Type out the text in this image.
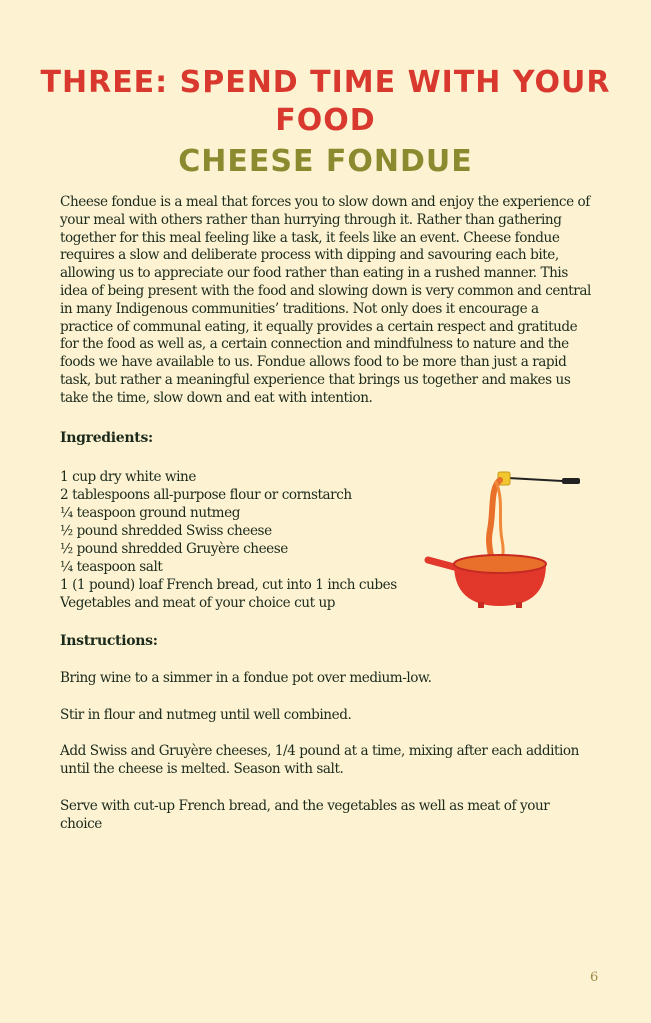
THREE: SPEND TIME WITH YOUR FOOD
CHEESE FONDUE

Cheese fondue is a meal that forces you to slow down and enjoy the experience of your meal with others rather than hurrying through it. Rather than gathering together for this meal feeling like a task, it feels like an event. Cheese fondue requires a slow and deliberate process with dipping and savouring each bite, allowing us to appreciate our food rather than eating in a rushed manner. This idea of being present with the food and slowing down is very common and central in many Indigenous communities’ traditions. Not only does it encourage a practice of communal eating, it equally provides a certain respect and gratitude for the food as well as, a certain connection and mindfulness to nature and the foods we have available to us. Fondue allows food to be more than just a rapid task, but rather a meaningful experience that brings us together and makes us take the time, slow down and eat with intention.

Ingredients:
1 cup dry white wine
2 tablespoons all-purpose flour or cornstarch
¼ teaspoon ground nutmeg
½ pound shredded Swiss cheese
½ pound shredded Gruyère cheese
¼ teaspoon salt
1 (1 pound) loaf French bread, cut into 1 inch cubes
Vegetables and meat of your choice cut up
Instructions:

Bring wine to a simmer in a fondue pot over medium-low.

Stir in flour and nutmeg until well combined.

Add Swiss and Gruyère cheeses, 1/4 pound at a time, mixing after each addition until the cheese is melted. Season with salt.

Serve with cut-up French bread, and the vegetables as well as meat of your choice

6
